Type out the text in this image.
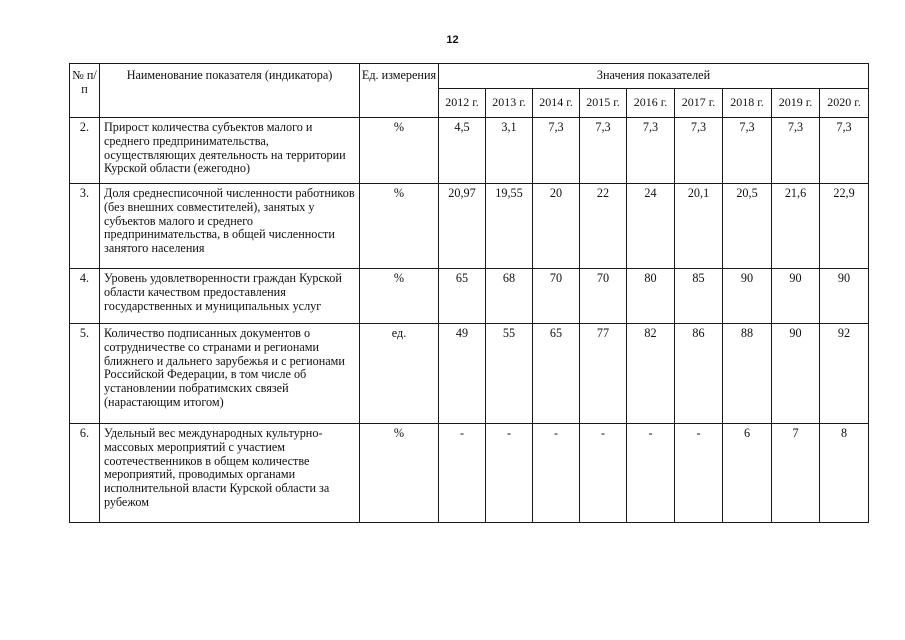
12
№ п/п	Наименование показателя (индикатора)	Ед. измерения	Значения показателей								
			2012 г.	2013 г.	2014 г.	2015 г.	2016 г.	2017 г.	2018 г.	2019 г.	2020 г.
2.	Прирост количества субъектов малого и среднего предпринимательства, осуществляющих деятельность на территории Курской области (ежегодно)	%	4,5	3,1	7,3	7,3	7,3	7,3	7,3	7,3	7,3
3.	Доля среднесписочной численности работников (без внешних совместителей), занятых у субъектов малого и среднего предпринимательства, в общей численности занятого населения	%	20,97	19,55	20	22	24	20,1	20,5	21,6	22,9
4.	Уровень удовлетворенности граждан Курской области качеством предоставления государственных и муниципальных услуг	%	65	68	70	70	80	85	90	90	90
5.	Количество подписанных документов о сотрудничестве со странами и регионами ближнего и дальнего зарубежья и с регионами Российской Федерации, в том числе об установлении побратимских связей (нарастающим итогом)	ед.	49	55	65	77	82	86	88	90	92
6.	Удельный вес международных культурно-массовых мероприятий с участием соотечественников в общем количестве мероприятий, проводимых органами исполнительной власти Курской области за рубежом	%	-	-	-	-	-	-	6	7	8
